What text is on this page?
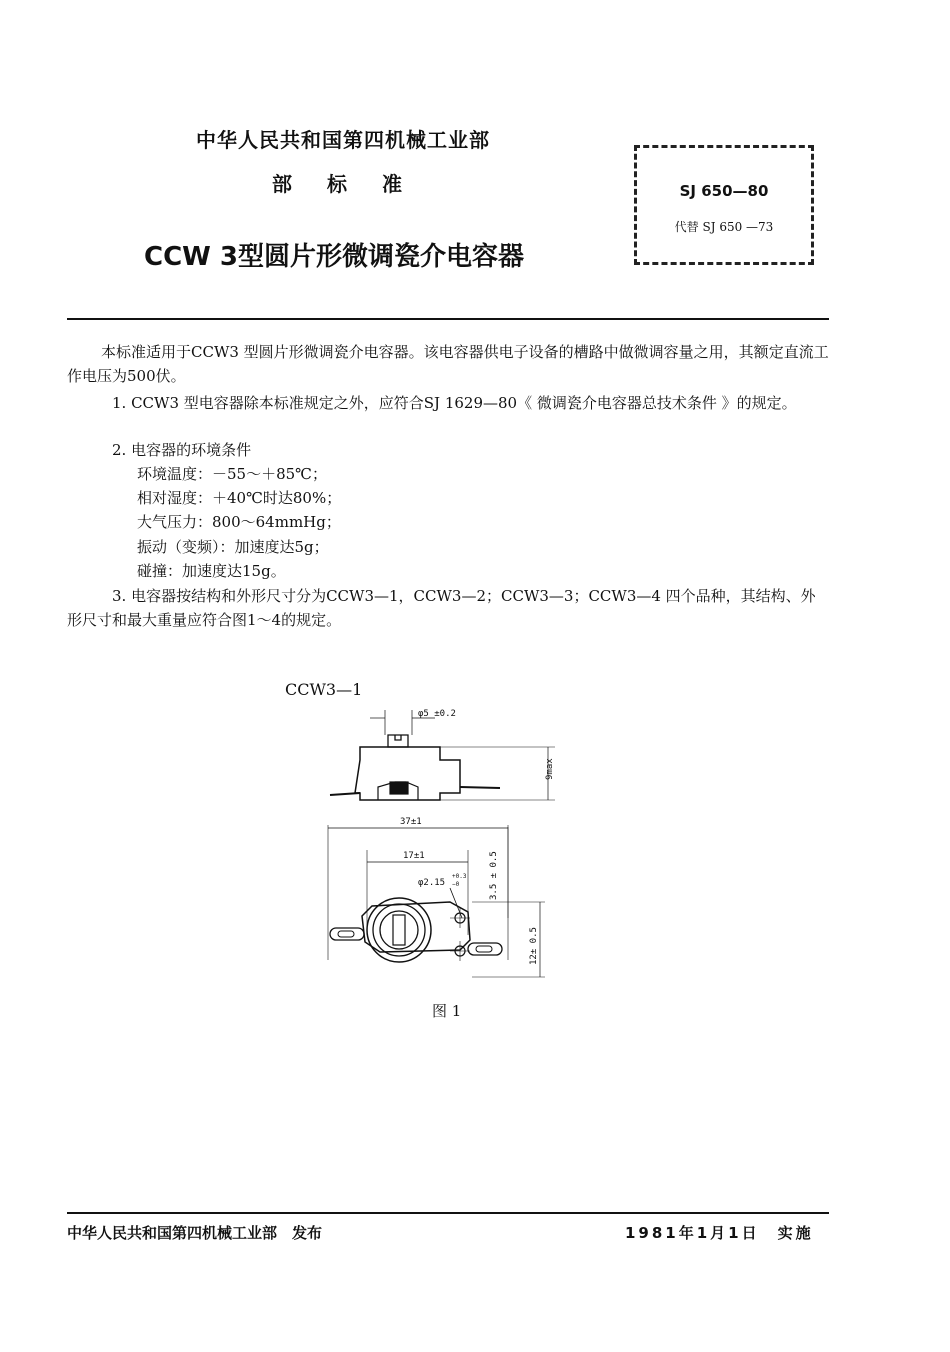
中华人民共和国第四机械工业部
部 标 准
CCW 3型圆片形微调瓷介电容器
SJ 650—80
代替 SJ 650 —73
本标准适用于CCW3 型圆片形微调瓷介电容器。该电容器供电子设备的槽路中做微调容量之用，其额定直流工作电压为500伏。
1. CCW3 型电容器除本标准规定之外，应符合SJ 1629—80《 微调瓷介电容器总技术条件 》的规定。
2. 电容器的环境条件
环境温度：－55～＋85℃；
相对湿度：＋40℃时达80%；
大气压力：800～64mmHg；
振动（变频）：加速度达5g；
碰撞：加速度达15g。
3. 电容器按结构和外形尺寸分为CCW3—1，CCW3—2；CCW3—3；CCW3—4 四个品种，其结构、外形尺寸和最大重量应符合图1～4的规定。
CCW3—1
φ5 ±0.2
9max
37±1
17±1
φ2.15
+0.3
−0	3.5 ± 0.5
12± 0.5
图 1
中华人民共和国第四机械工业部　发布	1981年1月1日　实施
